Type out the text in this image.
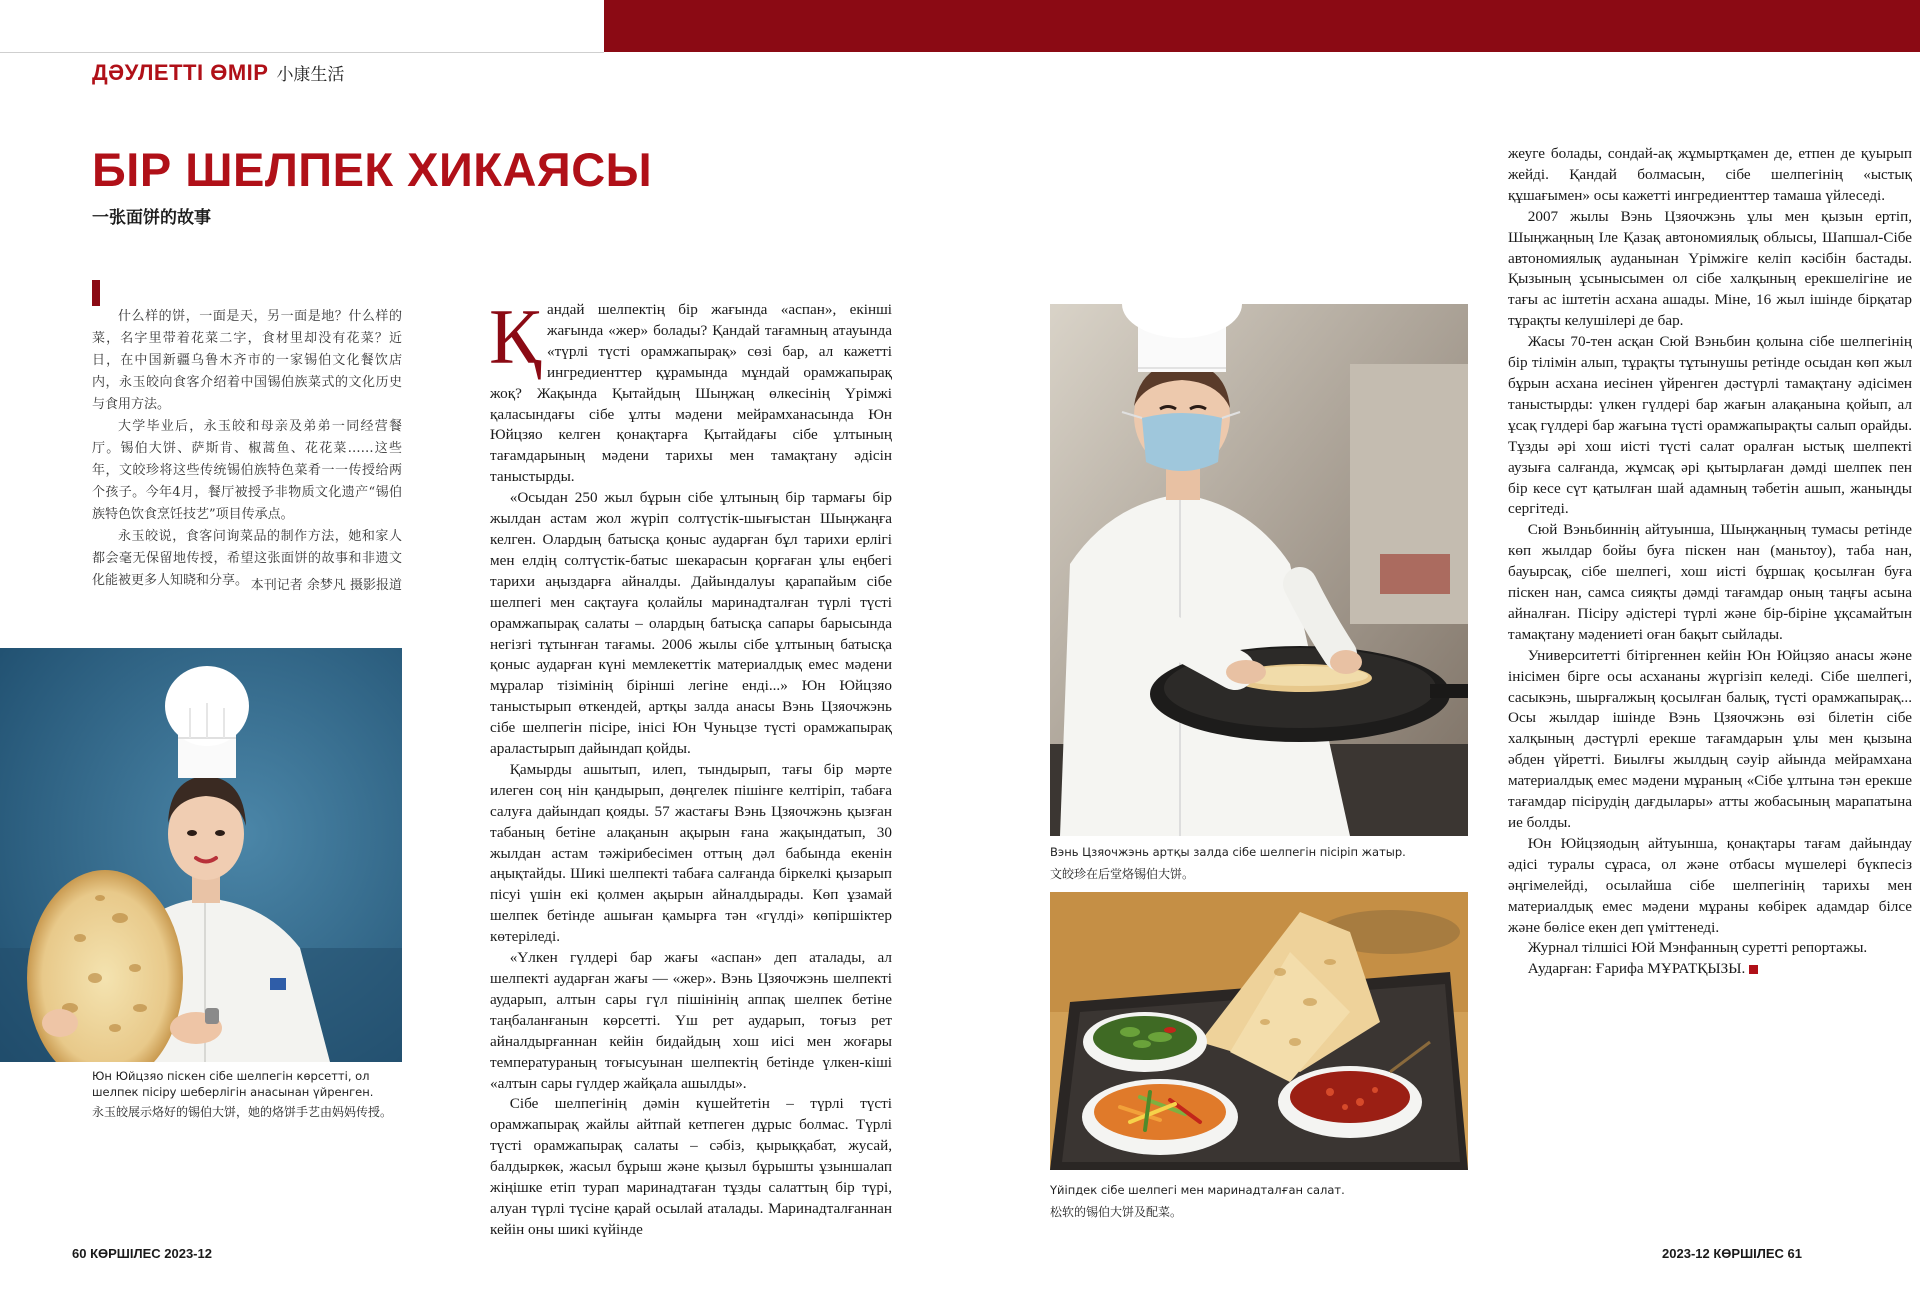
ДӘУЛЕТТІ ӨМІР 小康生活
БІР ШЕЛПЕК ХИКАЯСЫ
一张面饼的故事

什么样的饼，一面是天，另一面是地？什么样的菜，名字里带着花菜二字，食材里却没有花菜？近日，在中国新疆乌鲁木齐市的一家锡伯文化餐饮店内，永玉皎向食客介绍着中国锡伯族菜式的文化历史与食用方法。

大学毕业后，永玉皎和母亲及弟弟一同经营餐厅。锡伯大饼、萨斯肯、椒蒿鱼、花花菜……这些年，文皎珍将这些传统锡伯族特色菜肴一一传授给两个孩子。今年4月，餐厅被授予非物质文化遗产“锡伯族特色饮食烹饪技艺”项目传承点。

永玉皎说，食客问询菜品的制作方法，她和家人都会毫无保留地传授，希望这张面饼的故事和非遗文化能被更多人知晓和分享。 本刊记者 余梦凡 摄影报道
Юн Юйцзяо піскен сібе шелпегін көрсетті, ол шелпек пісіру шеберлігін анасынан үйренген.
永玉皎展示烙好的锡伯大饼，她的烙饼手艺由妈妈传授。

Қандай шелпектің бір жағында «аспан», екінші жағында «жер» болады? Қандай тағамның атауында «түрлі түсті орамжапырақ» сөзі бар, ал кажетті ингредиенттер құрамында мұндай орамжапырақ жоқ? Жақында Қытайдың Шыңжаң өлкесінің Үрімжі қаласындағы сібе ұлты мәдени мейрамханасында Юн Юйцзяо келген қонақтарға Қытайдағы сібе ұлтының тағамдарының мәдени тарихы мен тамақтану әдісін таныстырды.

«Осыдан 250 жыл бұрын сібе ұлтының бір тармағы бір жылдан астам жол жүріп солтүстік-шығыстан Шыңжаңға келген. Олардың батысқа қоныс аударған бұл тарихи ерлігі мен елдің солтүстік-батыс шекарасын қорғаған ұлы еңбегі тарихи аңыздарға айналды. Дайындалуы қарапайым сібе шелпегі мен сақтауға қолайлы маринадталған түрлі түсті орамжапырақ салаты – олардың батысқа сапары барысында негізгі тұтынған тағамы. 2006 жылы сібе ұлтының батысқа қоныс аударған күні мемлекеттік материалдық емес мәдени мұралар тізімінің біріншi легіне енді...» Юн Юйцзяо таныстырып өткендей, артқы залда анасы Вэнь Цзяочжэнь сібе шелпегін пісіре, інісі Юн Чуньцзе түсті орамжапырақ араластырып дайындап қойды.

Қамырды ашытып, илеп, тындырып, тағы бір мәрте илеген соң нін қандырып, дөңгелек пішінге келтіріп, табаға салуға дайындап қояды. 57 жастағы Вэнь Цзяочжэнь қызған табаның бетіне алақанын ақырын ғана жақындатып, 30 жылдан астам тәжірибесімен оттың дәл бабында екенін аңықтайды. Шикі шелпекті табаға салғанда біркелкі қызарып пісуі үшін екі қолмен ақырын айналдырады. Көп ұзамай шелпек бетінде ашыған қамырға тән «гүлді» көпіршіктер көтеріледі.

«Үлкен гүлдері бар жағы «аспан» деп аталады, ал шелпекті аударған жағы — «жер». Вэнь Цзяочжэнь шелпекті аударып, алтын сары гүл пішінінің аппақ шелпек бетіне таңбаланғанын көрсетті. Үш рет аударып, тоғыз рет айналдырғаннан кейін бидайдың хош иісі мен жоғары температураның тоғысуынан шелпектің бетінде үлкен-кіші «алтын сары гүлдер жайқала ашылды».

Сібе шелпегінің дәмін күшейтетін – түрлі түсті орамжапырақ жайлы айтпай кетпеген дұрыс болмас. Түрлі түсті орамжапырақ салаты – сәбіз, қырыққабат, жусай, балдыркөк, жасыл бұрыш және қызыл бұрышты ұзыншалап жіңішке етіп турап маринадтаған тұзды салаттың бір түрі, алуан түрлі түсіне қарай осылай аталады. Маринадталғаннан кейін оны шикі күйінде

Вэнь Цзяочжэнь артқы залда сібе шелпегін пісіріп жатыр.
文皎珍在后堂烙锡伯大饼。
Үйіпдек сібе шелпегі мен маринадталған салат.
松软的锡伯大饼及配菜。

жеуге болады, сондай-ақ жұмыртқамен де, етпен де қуырып жейді. Қандай болмасын, сібе шелпегінің «ыстық құшағымен» осы кажетті ингредиенттер тамаша үйлеседі.

2007 жылы Вэнь Цзяочжэнь ұлы мен қызын ертіп, Шыңжаңның Іле Қазақ автономиялық облысы, Шапшал-Сібе автономиялық ауданынан Үрімжіге келіп кәсібін бастады. Қызының ұсынысымен ол сібе халқының ерекшелігіне ие тағы ас іштетін асхана ашады. Міне, 16 жыл ішінде бірқатар тұрақты келушілері де бар.

Жасы 70-тен асқан Сюй Вэньбин қолына сібе шелпегінің бір тілімін алып, тұрақты тұтынушы ретінде осыдан көп жыл бұрын асхана иесінен үйренген дәстүрлі тамақтану әдісімен таныстырды: үлкен гүлдері бар жағын алақанына қойып, ал ұсақ гүлдері бар жағына түсті орамжапырақты салып орайды. Тұзды әрі хош иісті түсті салат оралған ыстық шелпекті аузыға салғанда, жұмсақ әрі қытырлаған дәмді шелпек пен бір кесе сүт қатылған шай адамның тәбетін ашып, жаныңды сергітеді.

Сюй Вэньбиннің айтуынша, Шыңжаңның тумасы ретінде көп жылдар бойы буға піскен нан (маньтоу), таба нан, бауырсақ, сібе шелпегі, хош иісті бұршақ қосылған буға піскен нан, самса сияқты дәмді тағамдар оның таңғы асына айналған. Пісіру әдістері түрлі және бір-біріне ұқсамайтын тамақтану мәдениеті оған бақыт сыйлады.

Университетті бітіргеннен кейін Юн Юйцзяо анасы және інісімен бірге осы асхананы жүргізіп келеді. Сібе шелпегі, сасыкэнь, шырғалжың қосылған балық, түсті орамжапырақ... Осы жылдар ішінде Вэнь Цзяочжэнь өзі білетін сібе халқының дәстүрлі ерекше тағамдарын ұлы мен қызына әбден үйретті. Биылғы жылдың сәуір айында мейрамхана материалдық емес мәдени мұраның «Сібе ұлтына тән ерекше тағамдар пісірудің дағдылары» атты жобасының марапатына ие болды.

Юн Юйцзяодың айтуынша, қонақтары тағам дайындау әдісі туралы сұраса, ол және отбасы мүшелері бүкпесіз әңгімелейді, осылайша сібе шелпегінің тарихы мен материалдық емес мәдени мұраны көбірек адамдар білсе және бөлісе екен деп үміттенеді.

Журнал тілшісі Юй Мэнфанның суретті репортажы.

Аударған: Ғарифа МҰРАТҚЫЗЫ.

60 КӨРШІЛЕС 2023-12	2023-12 КӨРШІЛЕС 61
